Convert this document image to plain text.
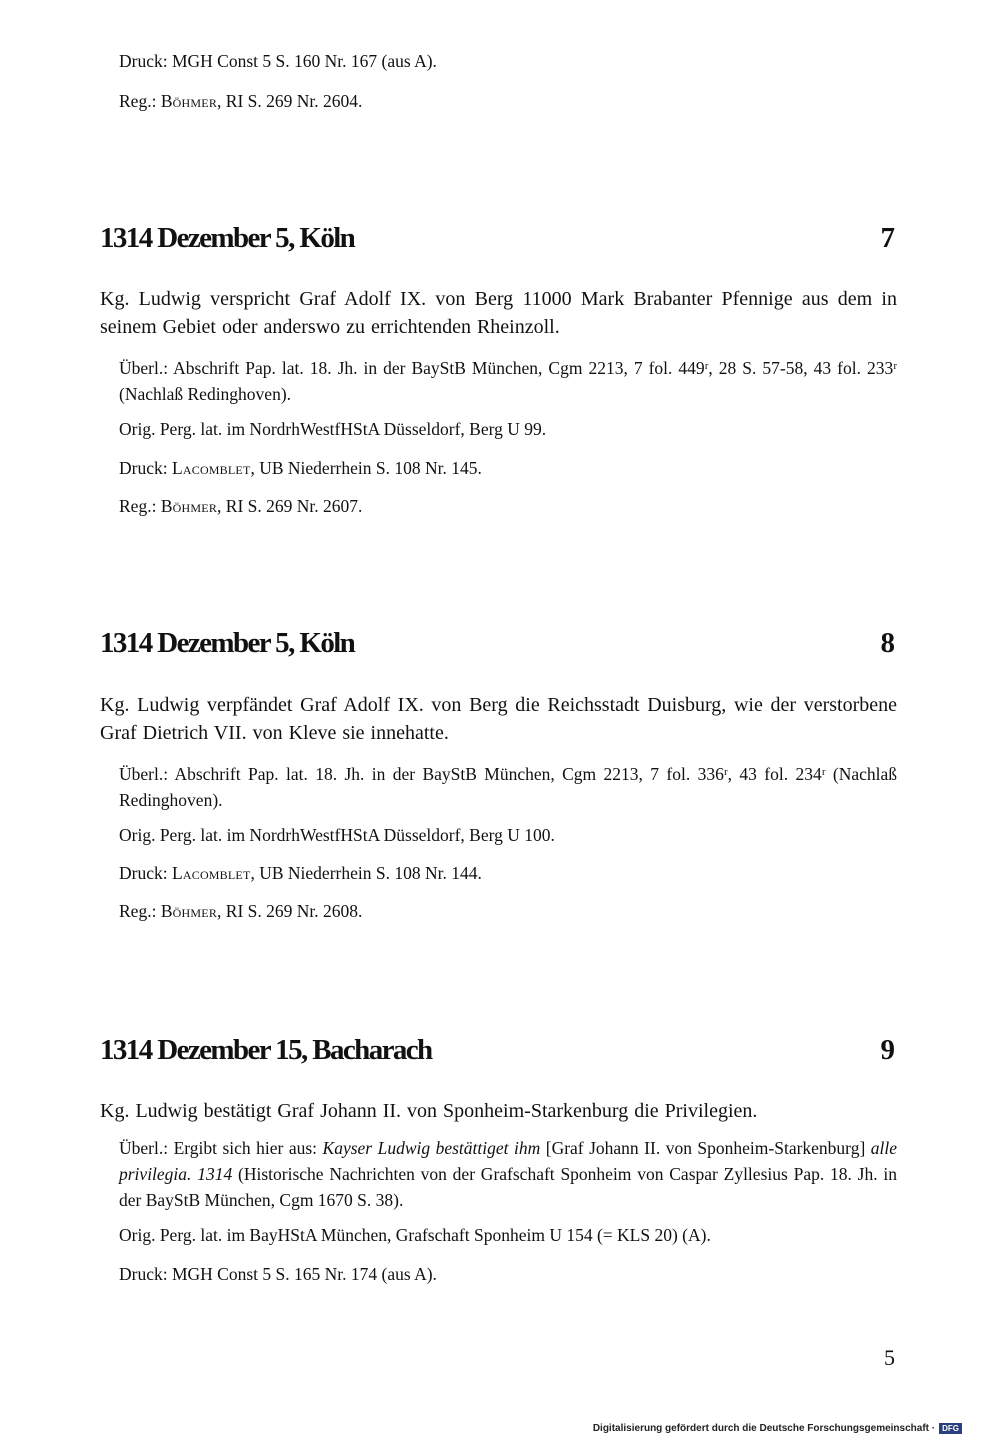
Druck: MGH Const 5 S. 160 Nr. 167 (aus A).
Reg.: Böhmer, RI S. 269 Nr. 2604.
1314 Dezember 5, Köln	7
Kg. Ludwig verspricht Graf Adolf IX. von Berg 11000 Mark Brabanter Pfennige aus dem in seinem Gebiet oder anderswo zu errichtenden Rheinzoll.
Überl.: Abschrift Pap. lat. 18. Jh. in der BayStB München, Cgm 2213, 7 fol. 449ʳ, 28 S. 57-58, 43 fol. 233ʳ (Nachlaß Redinghoven).
Orig. Perg. lat. im NordrhWestfHStA Düsseldorf, Berg U 99.
Druck: Lacomblet, UB Niederrhein S. 108 Nr. 145.
Reg.: Böhmer, RI S. 269 Nr. 2607.
1314 Dezember 5, Köln	8
Kg. Ludwig verpfändet Graf Adolf IX. von Berg die Reichsstadt Duisburg, wie der verstorbene Graf Dietrich VII. von Kleve sie innehatte.
Überl.: Abschrift Pap. lat. 18. Jh. in der BayStB München, Cgm 2213, 7 fol. 336ʳ, 43 fol. 234ʳ (Nachlaß Redinghoven).
Orig. Perg. lat. im NordrhWestfHStA Düsseldorf, Berg U 100.
Druck: Lacomblet, UB Niederrhein S. 108 Nr. 144.
Reg.: Böhmer, RI S. 269 Nr. 2608.
1314 Dezember 15, Bacharach	9
Kg. Ludwig bestätigt Graf Johann II. von Sponheim-Starkenburg die Privilegien.
Überl.: Ergibt sich hier aus: Kayser Ludwig bestättiget ihm [Graf Johann II. von Sponheim-Starkenburg] alle privilegia. 1314 (Historische Nachrichten von der Grafschaft Sponheim von Caspar Zyllesius Pap. 18. Jh. in der BayStB München, Cgm 1670 S. 38).
Orig. Perg. lat. im BayHStA München, Grafschaft Sponheim U 154 (= KLS 20) (A).
Druck: MGH Const 5 S. 165 Nr. 174 (aus A).
5
Digitalisierung gefördert durch die Deutsche Forschungsgemeinschaft · DFG
